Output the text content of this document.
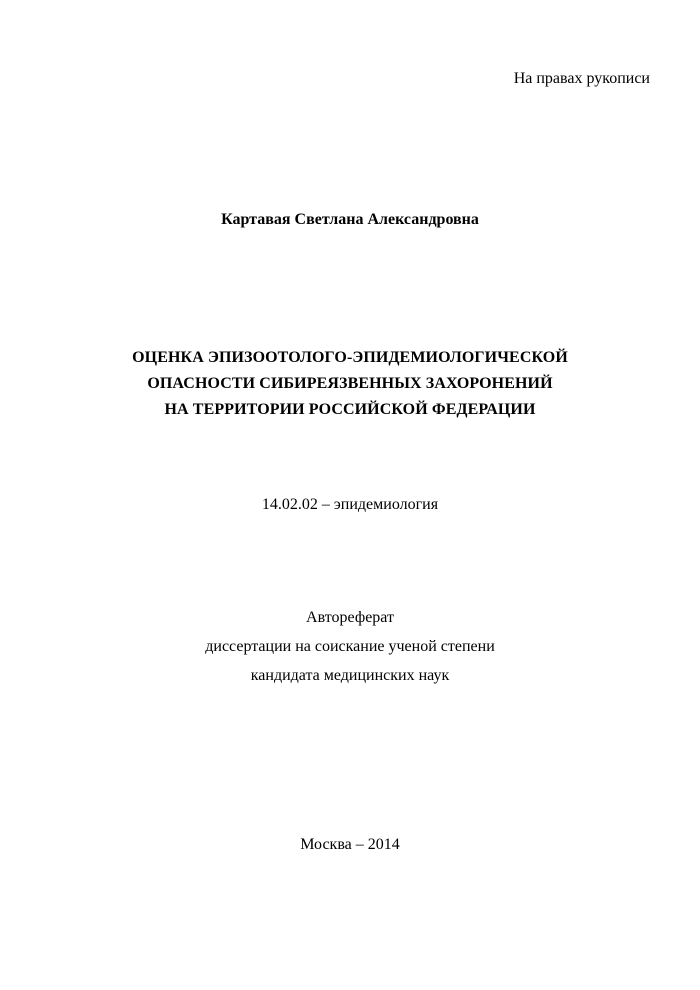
На правах рукописи
Картавая Светлана Александровна
ОЦЕНКА ЭПИЗООТОЛОГО-ЭПИДЕМИОЛОГИЧЕСКОЙ
ОПАСНОСТИ СИБИРЕЯЗВЕННЫХ ЗАХОРОНЕНИЙ
НА ТЕРРИТОРИИ РОССИЙСКОЙ ФЕДЕРАЦИИ
14.02.02 – эпидемиология
Автореферат
диссертации на соискание ученой степени
кандидата медицинских наук
Москва – 2014
